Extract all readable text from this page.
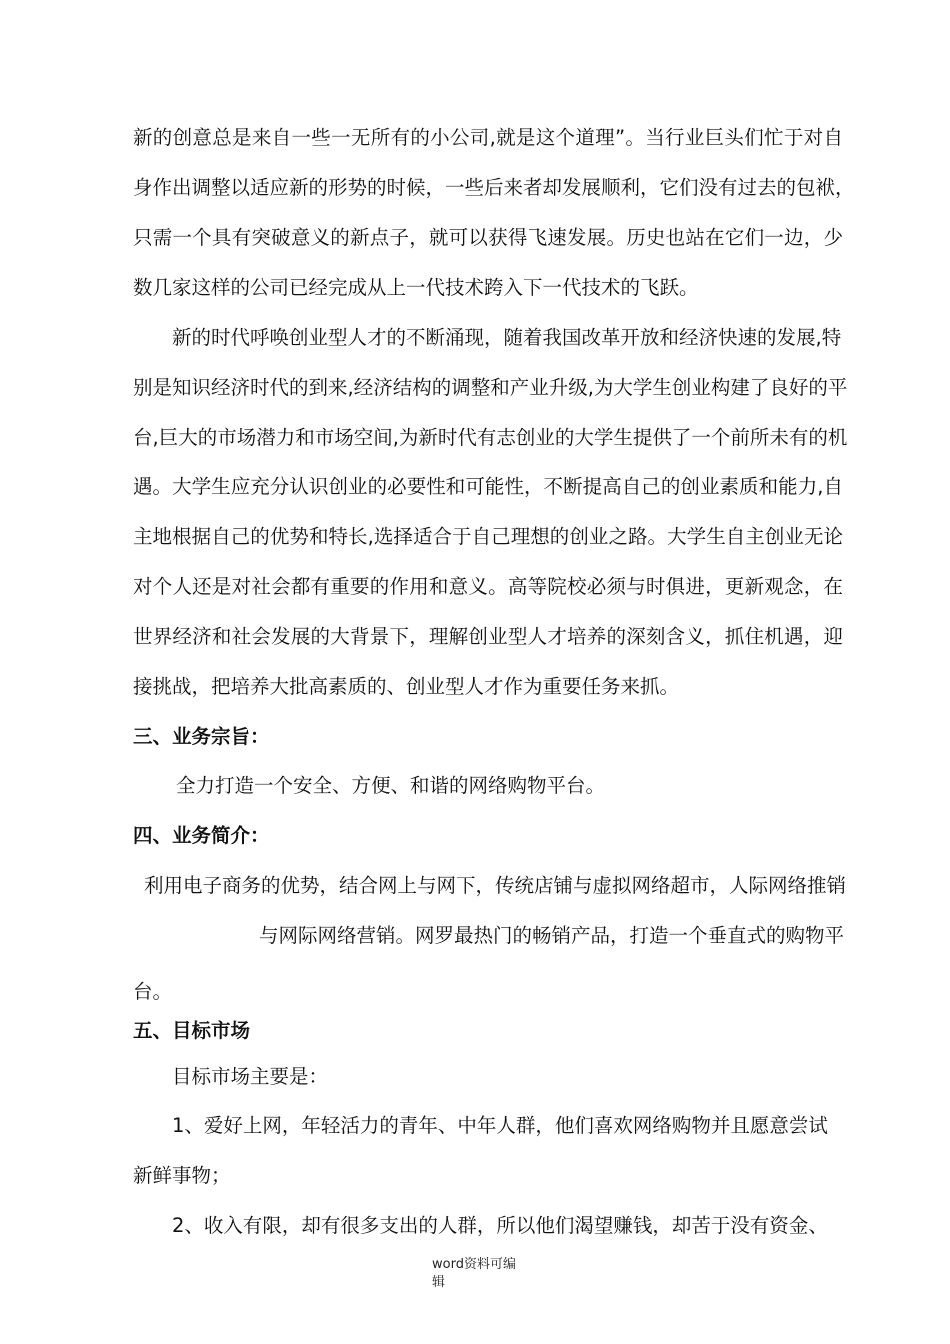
新的创意总是来自一些一无所有的小公司,就是这个道理”。当行业巨头们忙于对自
身作出调整以适应新的形势的时候，一些后来者却发展顺利，它们没有过去的包袱，
只需一个具有突破意义的新点子，就可以获得飞速发展。历史也站在它们一边，少
数几家这样的公司已经完成从上一代技术跨入下一代技术的飞跃。
新的时代呼唤创业型人才的不断涌现，随着我国改革开放和经济快速的发展,特
别是知识经济时代的到来,经济结构的调整和产业升级,为大学生创业构建了良好的平
台,巨大的市场潜力和市场空间,为新时代有志创业的大学生提供了一个前所未有的机
遇。大学生应充分认识创业的必要性和可能性，不断提高自己的创业素质和能力,自
主地根据自己的优势和特长,选择适合于自己理想的创业之路。大学生自主创业无论
对个人还是对社会都有重要的作用和意义。高等院校必须与时俱进，更新观念，在
世界经济和社会发展的大背景下，理解创业型人才培养的深刻含义，抓住机遇，迎
接挑战，把培养大批高素质的、创业型人才作为重要任务来抓。
三、业务宗旨：
全力打造一个安全、方便、和谐的网络购物平台。
四、业务简介：
利用电子商务的优势，结合网上与网下，传统店铺与虚拟网络超市，人际网络推销
与网际网络营销。网罗最热门的畅销产品，打造一个垂直式的购物平
台。
五、目标市场
目标市场主要是：
1、爱好上网，年轻活力的青年、中年人群，他们喜欢网络购物并且愿意尝试
新鲜事物；
2、收入有限，却有很多支出的人群，所以他们渴望赚钱，却苦于没有资金、
word资料可编
辑
